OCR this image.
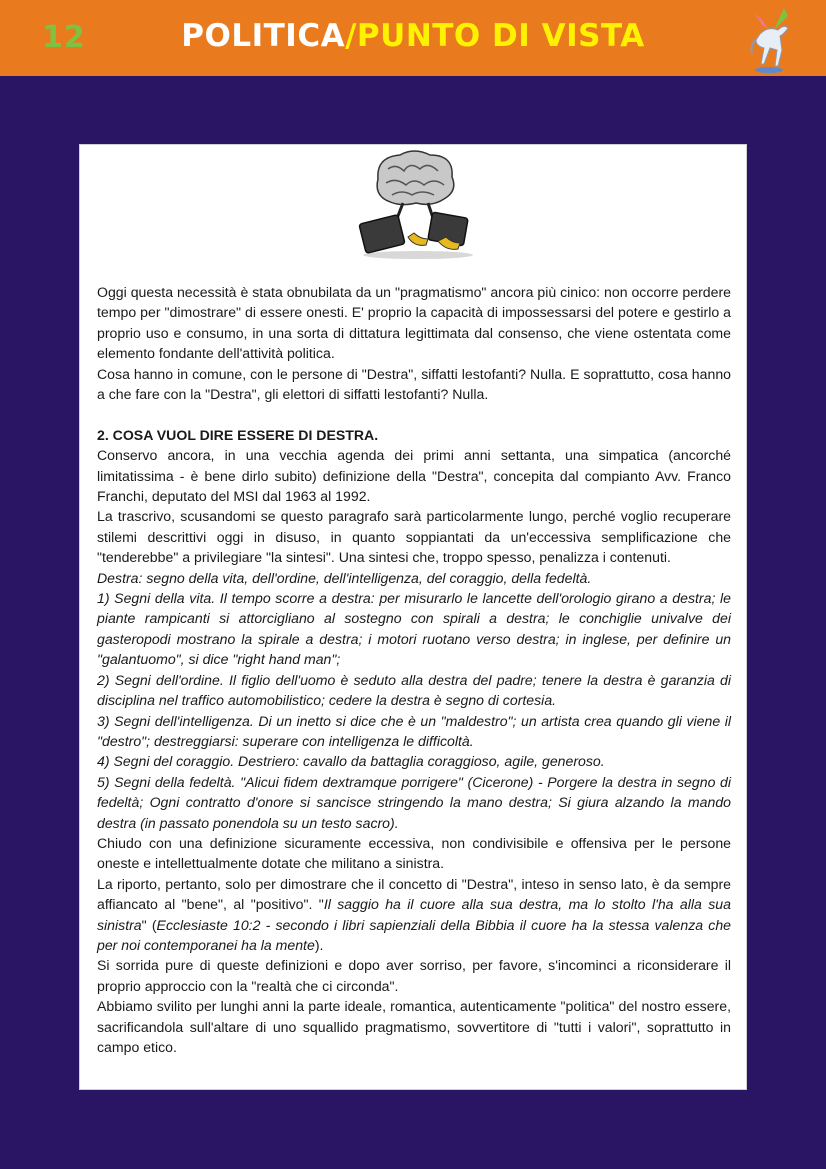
12	POLITICA/PUNTO DI VISTA

Oggi questa necessità è stata obnubilata da un "pragmatismo" ancora più cinico: non occorre perdere tempo per "dimostrare" di essere onesti. E' proprio la capacità di impossessarsi del potere e gestirlo a proprio uso e consumo, in una sorta di dittatura legittimata dal consenso, che viene ostentata come elemento fondante dell'attività politica.

Cosa hanno in comune, con le persone di "Destra", siffatti lestofanti? Nulla. E soprattutto, cosa hanno a che fare con la "Destra", gli elettori di siffatti lestofanti? Nulla.

2. COSA VUOL DIRE ESSERE DI DESTRA.

Conservo ancora, in una vecchia agenda dei primi anni settanta, una simpatica (ancorché limitatissima - è bene dirlo subito) definizione della "Destra", concepita dal compianto Avv. Franco Franchi, deputato del MSI dal 1963 al 1992.

La trascrivo, scusandomi se questo paragrafo sarà particolarmente lungo, perché voglio recuperare stilemi descrittivi oggi in disuso, in quanto soppiantati da un'eccessiva semplificazione che "tenderebbe" a privilegiare "la sintesi". Una sintesi che, troppo spesso, penalizza i contenuti.

Destra: segno della vita, dell'ordine, dell'intelligenza, del coraggio, della fedeltà.

1) Segni della vita. Il tempo scorre a destra: per misurarlo le lancette dell'orologio girano a destra; le piante rampicanti si attorcigliano al sostegno con spirali a destra; le conchiglie univalve dei gasteropodi mostrano la spirale a destra; i motori ruotano verso destra; in inglese, per definire un "galantuomo", si dice "right hand man";

2) Segni dell'ordine. Il figlio dell'uomo è seduto alla destra del padre; tenere la destra è garanzia di disciplina nel traffico automobilistico; cedere la destra è segno di cortesia.

3) Segni dell'intelligenza. Di un inetto si dice che è un "maldestro"; un artista crea quando gli viene il "destro"; destreggiarsi: superare con intelligenza le difficoltà.

4) Segni del coraggio. Destriero: cavallo da battaglia coraggioso, agile, generoso.

5) Segni della fedeltà. "Alicui fidem dextramque porrigere" (Cicerone) - Porgere la destra in segno di fedeltà; Ogni contratto d'onore si sancisce stringendo la mano destra; Si giura alzando la mando destra (in passato ponendola su un testo sacro).

Chiudo con una definizione sicuramente eccessiva, non condivisibile e offensiva per le persone oneste e intellettualmente dotate che militano a sinistra.

La riporto, pertanto, solo per dimostrare che il concetto di "Destra", inteso in senso lato, è da sempre affiancato al "bene", al "positivo". "Il saggio ha il cuore alla sua destra, ma lo stolto l'ha alla sua sinistra" (Ecclesiaste 10:2 - secondo i libri sapienziali della Bibbia il cuore ha la stessa valenza che per noi contemporanei ha la mente).

Si sorrida pure di queste definizioni e dopo aver sorriso, per favore, s'incominci a riconsiderare il proprio approccio con la "realtà che ci circonda".

Abbiamo svilito per lunghi anni la parte ideale, romantica, autenticamente "politica" del nostro essere, sacrificandola sull'altare di uno squallido pragmatismo, sovvertitore di "tutti i valori", soprattutto in campo etico.
